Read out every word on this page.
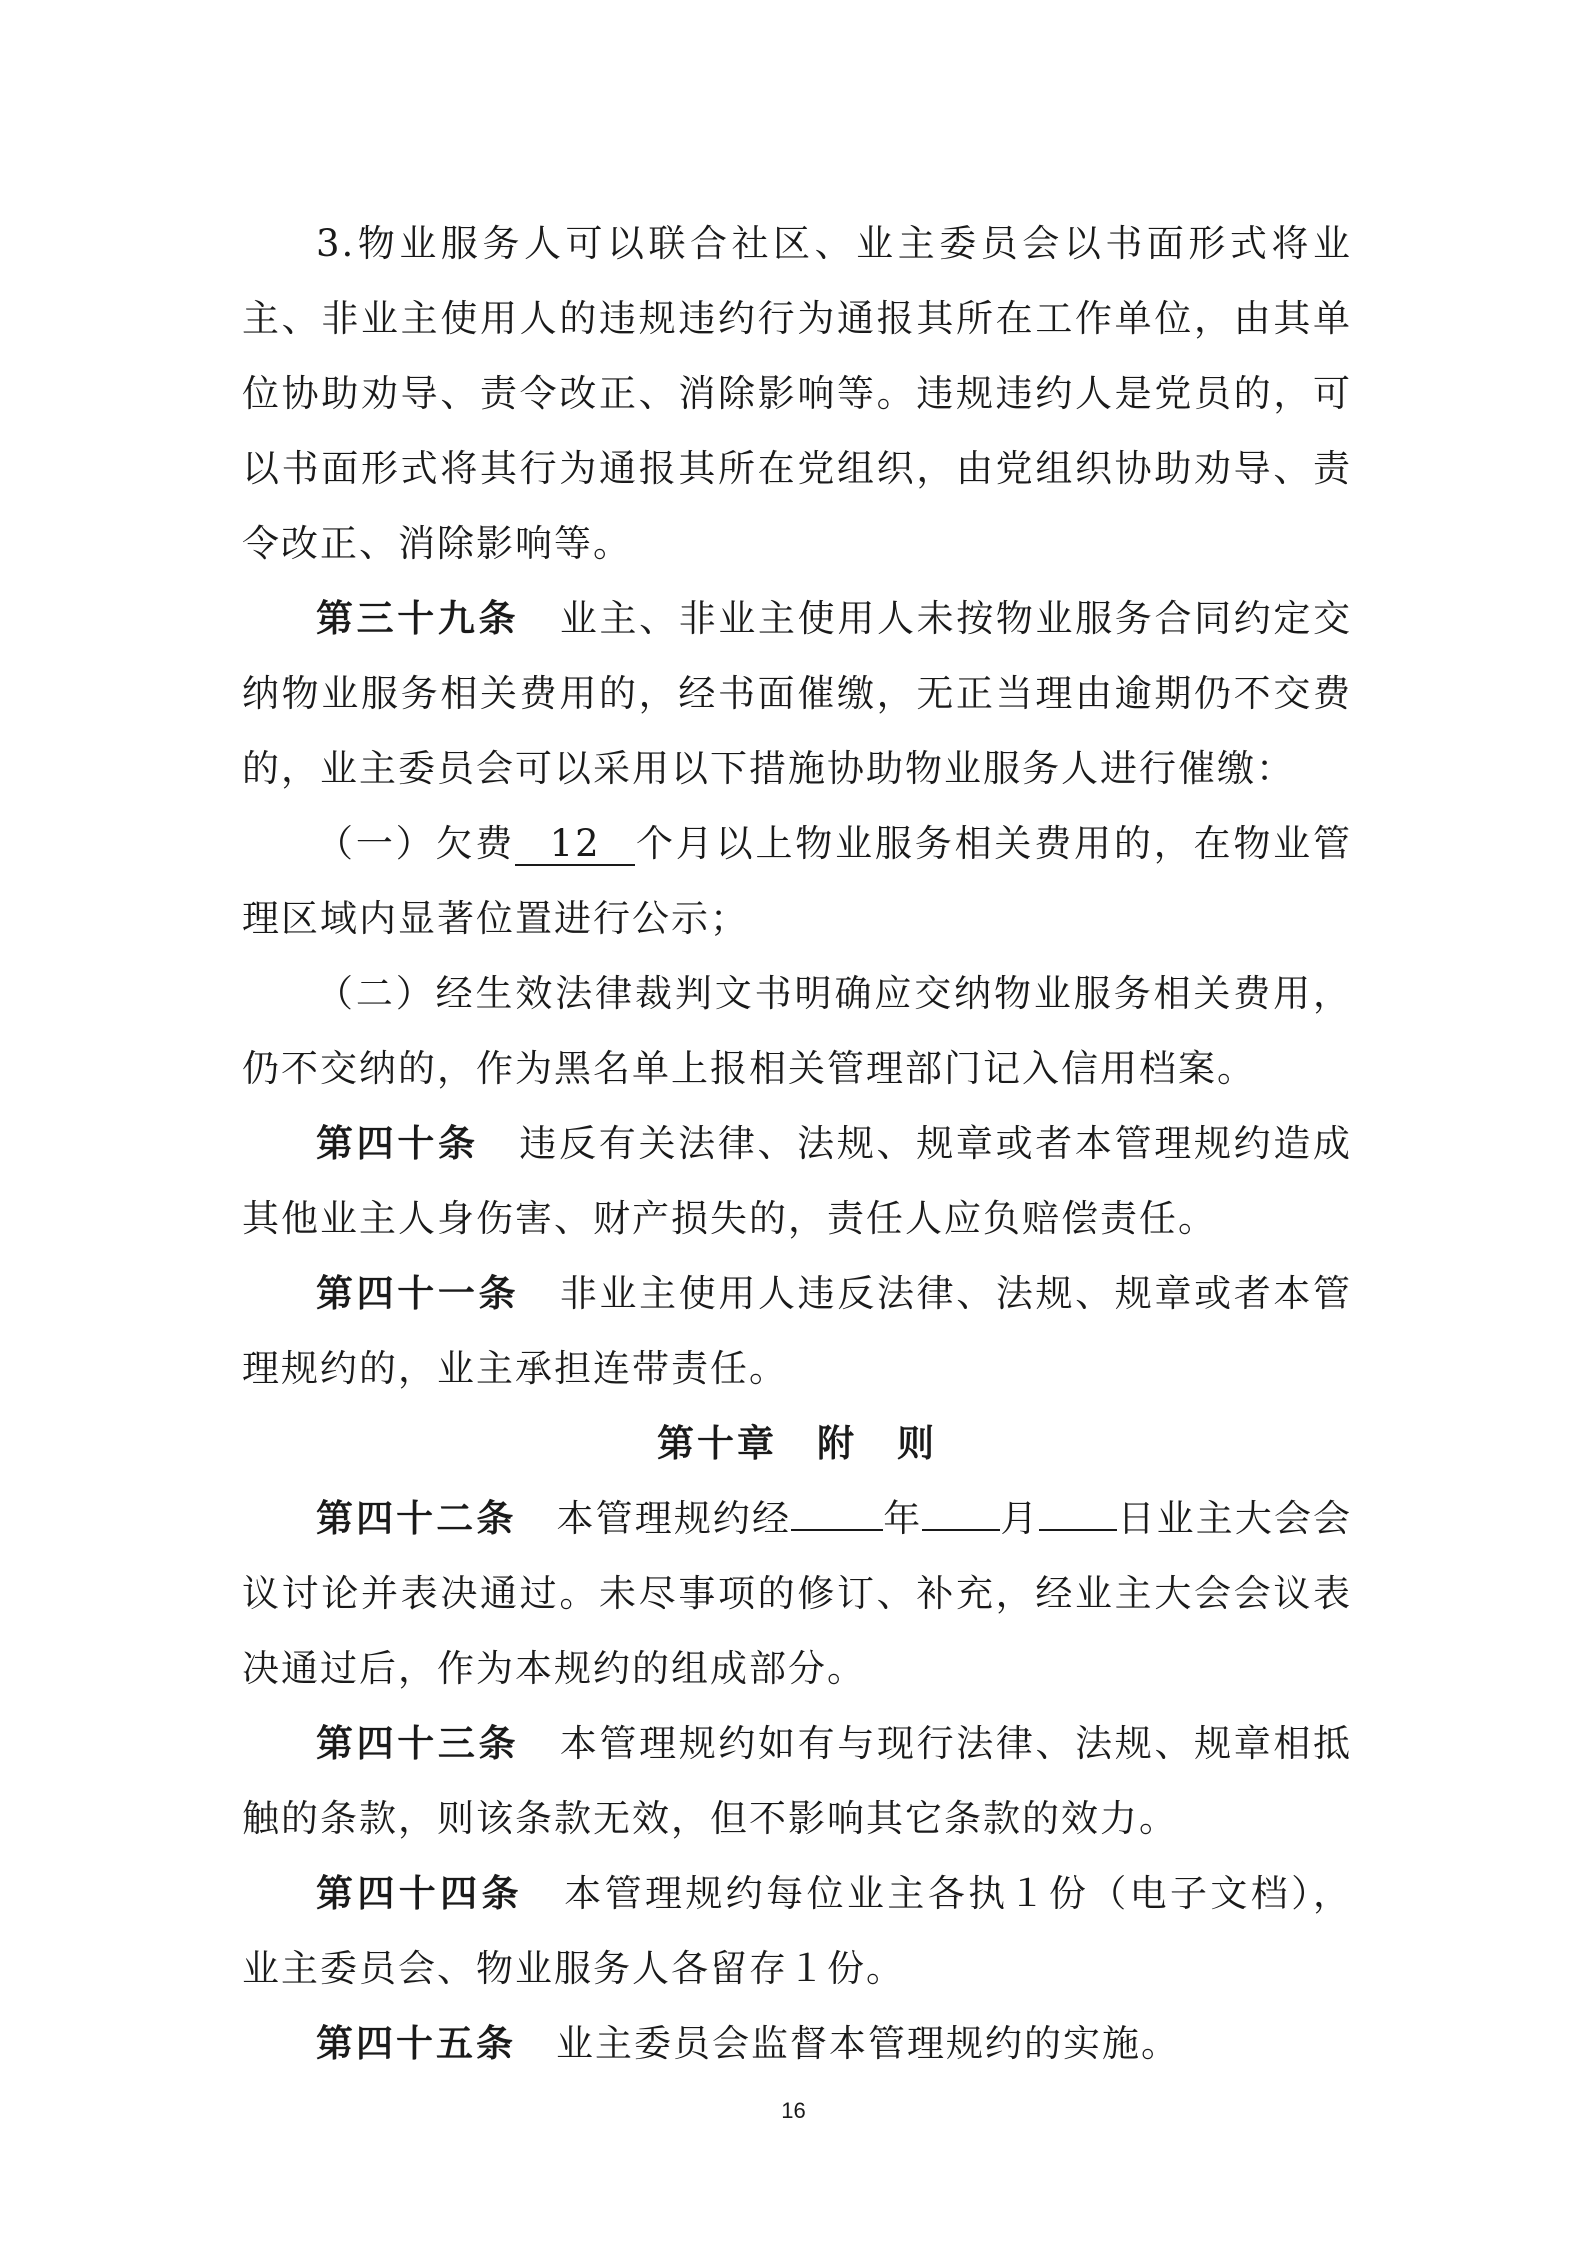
3.物业服务人可以联合社区、业主委员会以书面形式将业主、非业主使用人的违规违约行为通报其所在工作单位，由其单位协助劝导、责令改正、消除影响等。违规违约人是党员的，可以书面形式将其行为通报其所在党组织，由党组织协助劝导、责令改正、消除影响等。

第三十九条 业主、非业主使用人未按物业服务合同约定交纳物业服务相关费用的，经书面催缴，无正当理由逾期仍不交费的，业主委员会可以采用以下措施协助物业服务人进行催缴：

（一）欠费 12 个月以上物业服务相关费用的，在物业管理区域内显著位置进行公示；

（二）经生效法律裁判文书明确应交纳物业服务相关费用，仍不交纳的，作为黑名单上报相关管理部门记入信用档案。

第四十条 违反有关法律、法规、规章或者本管理规约造成其他业主人身伤害、财产损失的，责任人应负赔偿责任。

第四十一条 非业主使用人违反法律、法规、规章或者本管理规约的，业主承担连带责任。

第十章 附　则

第四十二条 本管理规约经 年 月 日业主大会会议讨论并表决通过。未尽事项的修订、补充，经业主大会会议表决通过后，作为本规约的组成部分。

第四十三条 本管理规约如有与现行法律、法规、规章相抵触的条款，则该条款无效，但不影响其它条款的效力。

第四十四条 本管理规约每位业主各执１份（电子文档），业主委员会、物业服务人各留存１份。

第四十五条 业主委员会监督本管理规约的实施。

16
